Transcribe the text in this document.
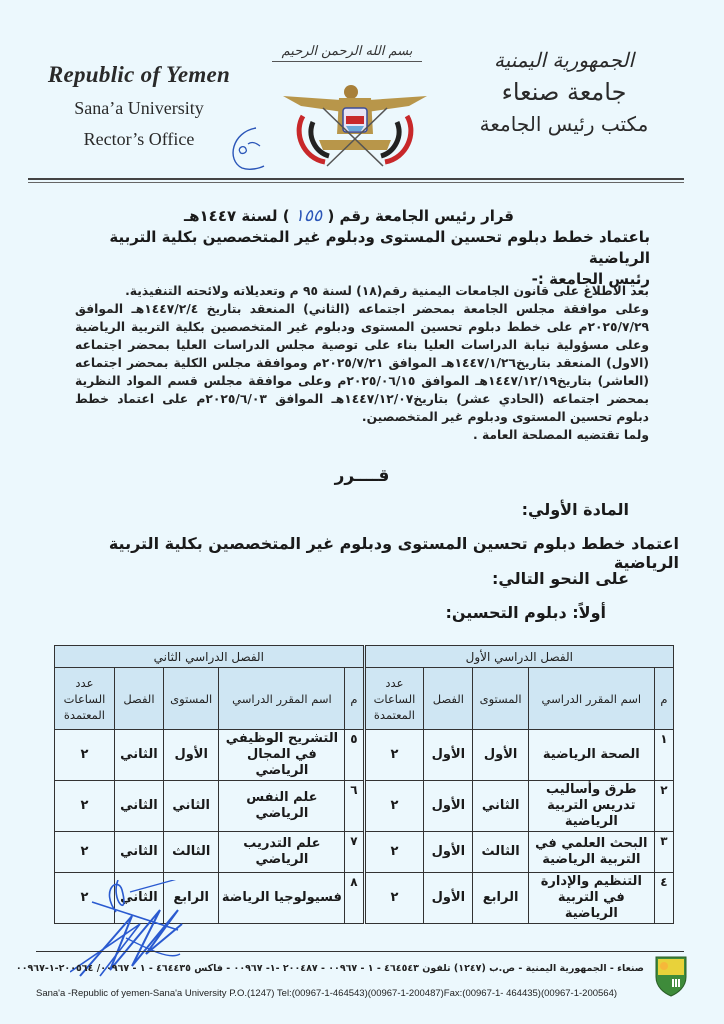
Republic of Yemen
Sana’a University
Rector’s Office
بسم الله الرحمن الرحيم	الجمهورية اليمنية
جامعة صنعاء
مكتب رئيس الجامعة
قرار رئيس الجامعة رقم ( ١٥٥ ) لسنة ١٤٤٧هـ
باعتماد خطط دبلوم تحسين المستوى ودبلوم غير المتخصصين بكلية التربية الرياضية
رئيس الجامعة :-

بعد الاطلاع على قانون الجامعات اليمنية رقم(١٨) لسنة ٩٥ م وتعديلاته ولائحته التنفيذية.

وعلى موافقة مجلس الجامعة بمحضر اجتماعه (الثاني) المنعقد بتاريخ ١٤٤٧/٢/٤هـ الموافق ٢٠٢٥/٧/٢٩م على خطط دبلوم تحسين المستوى ودبلوم غير المتخصصين بكلية التربية الرياضية وعلى مسؤولية نيابة الدراسات العليا بناء على توصية مجلس الدراسات العليا بمحضر اجتماعه (الاول) المنعقد بتاريخ١٤٤٧/١/٢٦هـ الموافق ٢٠٢٥/٧/٢١م وموافقة مجلس الكلية بمحضر اجتماعه (العاشر) بتاريخ١٤٤٧/١٢/١٩هـ الموافق ٢٠٢٥/٠٦/١٥م وعلى موافقة مجلس قسم المواد النظرية بمحضر اجتماعه (الحادي عشر) بتاريخ١٤٤٧/١٢/٠٧هـ الموافق ٢٠٢٥/٦/٠٣م على اعتماد خطط دبلوم تحسين المستوى ودبلوم غير المتخصصين.

ولما تقتضيه المصلحة العامة .

قــــرر
المادة الأولي:
اعتماد خطط دبلوم تحسين المستوى ودبلوم غير المتخصصين بكلية التربية الرياضية
على النحو التالي:
أولاً: دبلوم التحسين:
الفصل الدراسي الأول					الفصل الدراسي الثاني				
م	اسم المقرر الدراسي	المستوى	الفصل	عدد الساعات المعتمدة	م	اسم المقرر الدراسي	المستوى	الفصل	عدد الساعات المعتمدة
١	الصحة الرياضية	الأول	الأول	٢	٥	التشريح الوظيفي في المجال الرياضي	الأول	الثاني	٢
٢	طرق وأساليب تدريس التربية الرياضية	الثاني	الأول	٢	٦	علم النفس الرياضي	الثاني	الثاني	٢
٣	البحث العلمي في التربية الرياضية	الثالث	الأول	٢	٧	علم التدريب الرياضي	الثالث	الثاني	٢
٤	التنظيم والإدارة في التربية الرياضية	الرابع	الأول	٢	٨	فسيولوجيا الرياضة	الرابع	الثاني	٢
صنعاء - الجمهورية اليمنية - ص.ب (١٢٤٧) تلفون ٤٦٤٥٤٣ - ١ - ٠٠٩٦٧ - ٢٠٠٤٨٧ -١- ٠٠٩٦٧ - فاكس ٤٦٤٤٣٥ - ١ - ٠٠٩٦٧/ ٢٠٠٥٦٤-١-٠٠٩٦٧
Sana'a -Republic of yemen-Sana'a University P.O.(1247) Tel:(00967-1-464543)(00967-1-200487)Fax:(00967-1- 464435)(00967-1-200564)
